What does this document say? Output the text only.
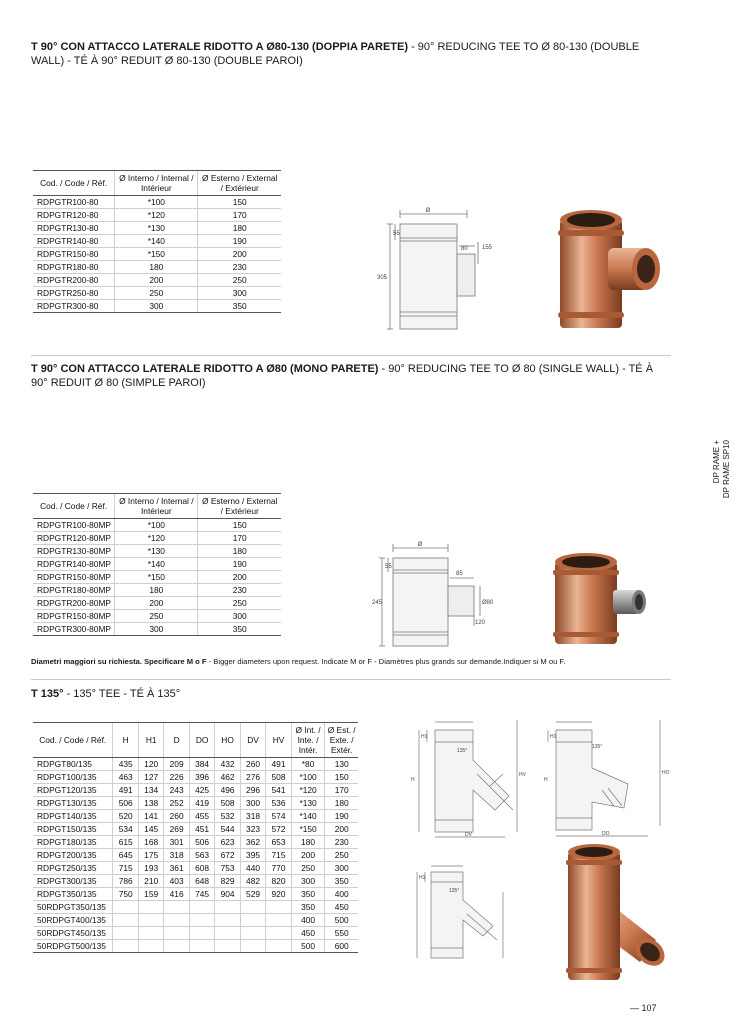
T 90° CON ATTACCO LATERALE RIDOTTO A Ø80-130 (DOPPIA PARETE) - 90° REDUCING TEE TO Ø 80-130 (DOUBLE WALL) - TÉ À 90° REDUIT Ø 80-130 (DOUBLE PAROI)
Cod. / Code / Réf.	Ø Interno / Internal / Intérieur	Ø Esterno / External / Extérieur
RDPGTR100-80	*100	150
RDPGTR120-80	*120	170
RDPGTR130-80	*130	180
RDPGTR140-80	*140	190
RDPGTR150-80	*150	200
RDPGTR180-80	180	230
RDPGTR200-80	200	250
RDPGTR250-80	250	300
RDPGTR300-80	300	350
Ø
55
305
80 155
T 90° CON ATTACCO LATERALE RIDOTTO A Ø80 (MONO PARETE) - 90° REDUCING TEE TO Ø 80 (SINGLE WALL) - TÉ À 90° REDUIT Ø 80 (SIMPLE PAROI)
Cod. / Code / Réf.	Ø Interno / Internal / Intérieur	Ø Esterno / External / Extérieur
RDPGTR100-80MP	*100	150
RDPGTR120-80MP	*120	170
RDPGTR130-80MP	*130	180
RDPGTR140-80MP	*140	190
RDPGTR150-80MP	*150	200
RDPGTR180-80MP	180	230
RDPGTR200-80MP	200	250
RDPGTR150-80MP	250	300
RDPGTR300-80MP	300	350
Ø
55
245
85
Ø80
120
Diametri maggiori su richiesta. Specificare M o F - Bigger diameters upon request. Indicate M or F - Diamètres plus grands sur demande.Indiquer si M ou F.
T 135° - 135° TEE - TÉ À 135°
Cod. / Code / Réf.	H	H1	D	DO	HO	DV	HV	Ø Int. / Inte. / Intér.	Ø Est. / Exte. / Extér.
RDPGT80/135	435	120	209	384	432	260	491	*80	130
RDPGT100/135	463	127	226	396	462	276	508	*100	150
RDPGT120/135	491	134	243	425	496	296	541	*120	170
RDPGT130/135	506	138	252	419	508	300	536	*130	180
RDPGT140/135	520	141	260	455	532	318	574	*140	190
RDPGT150/135	534	145	269	451	544	323	572	*150	200
RDPGT180/135	615	168	301	506	623	362	653	180	230
RDPGT200/135	645	175	318	563	672	395	715	200	250
RDPGT250/135	715	193	361	608	753	440	770	250	300
RDPGT300/135	786	210	403	648	829	482	820	300	350
RDPGT350/135	750	159	416	745	904	529	920	350	400
50RDPGT350/135								350	450
50RDPGT400/135								400	500
50RDPGT450/135								450	550
50RDPGT500/135								500	600
135°
H
H1
HV
DV
135°
H
H1
HO
DO
135°
H1
DP RAME + DP RAME SP10
— 107
